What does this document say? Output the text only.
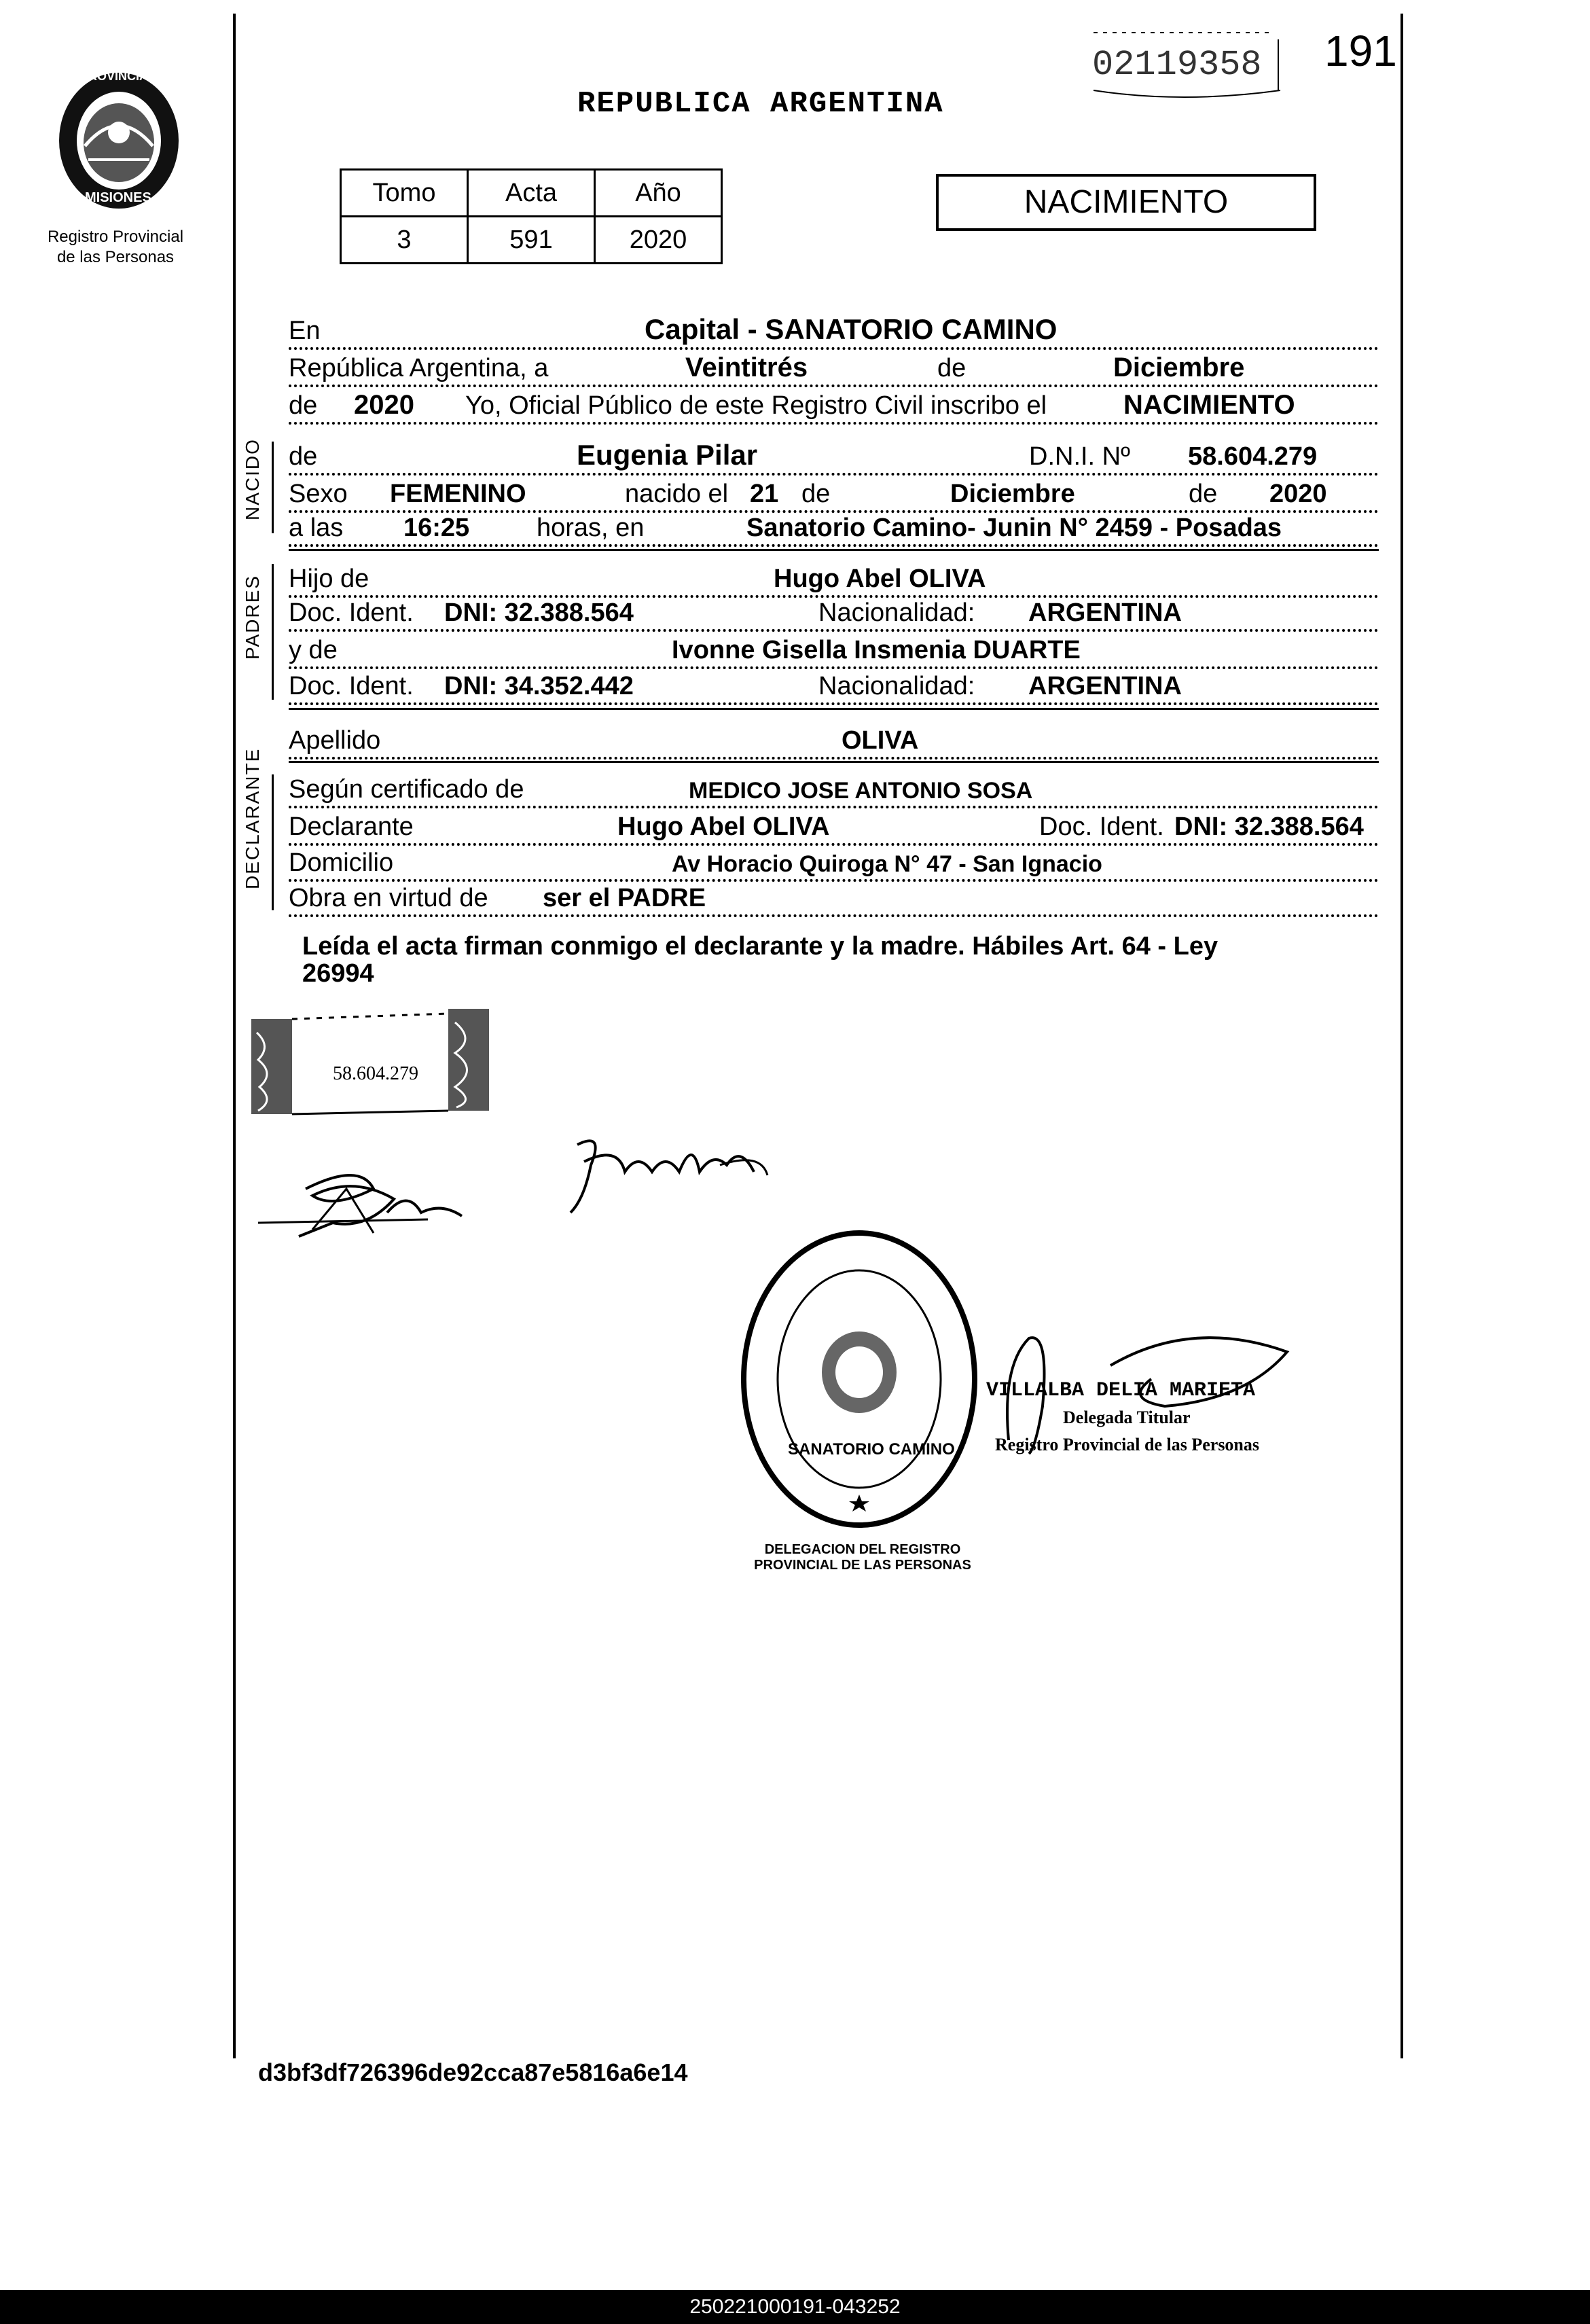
PROVINCIA DE
MISIONES
Registro Provincial
de las Personas
02119358 191
REPUBLICA ARGENTINA
Tomo	Acta	Año
3	591	2020
NACIMIENTO
NACIDO
PADRES
DECLARANTE
En	Capital - SANATORIO CAMINO
República Argentina, a	Veintitrés	de	Diciembre
de 2020 Yo, Oficial Público de este Registro Civil inscribo el	NACIMIENTO
de	Eugenia Pilar	D.N.I. Nº 58.604.279
Sexo FEMENINO	nacido el 21 de	Diciembre	de 2020
a las 16:25	horas, en	Sanatorio Camino- Junin N° 2459 - Posadas
Hijo de	Hugo Abel OLIVA
Doc. Ident. DNI: 32.388.564	Nacionalidad: ARGENTINA
y de	Ivonne Gisella Insmenia DUARTE
Doc. Ident. DNI: 34.352.442	Nacionalidad: ARGENTINA
Apellido	OLIVA
Según certificado de	MEDICO JOSE ANTONIO SOSA
Declarante	Hugo Abel OLIVA	Doc. Ident. DNI: 32.388.564
Domicilio	Av Horacio Quiroga N° 47 - San Ignacio
Obra en virtud de ser el PADRE
Leída el acta firman conmigo el declarante y la madre. Hábiles Art. 64 - Ley
26994
58.604.279
DELEGACION DEL REGISTRO PROVINCIAL DE LAS PERSONAS
SANATORIO CAMINO
VILLALBA DELIA MARIETA
Delegada Titular
Registro Provincial de las Personas
d3bf3df726396de92cca87e5816a6e14
250221000191-043252
